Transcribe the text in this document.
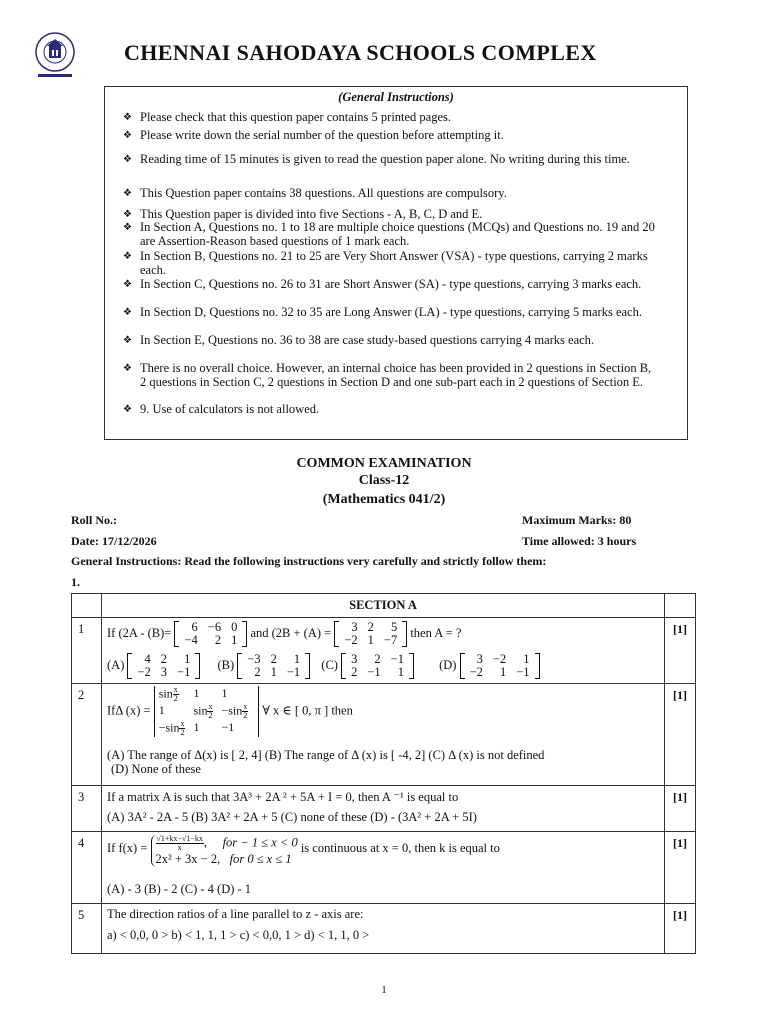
CHENNAI SAHODAYA SCHOOLS COMPLEX
(General Instructions)
❖ Please check that this question paper contains 5 printed pages.
❖ Please write down the serial number of the question before attempting it.
❖ Reading time of 15 minutes is given to read the question paper alone. No writing during this time.
❖ This Question paper contains 38 questions. All questions are compulsory.
❖ This Question paper is divided into five Sections - A, B, C, D and E.
❖ In Section A, Questions no. 1 to 18 are multiple choice questions (MCQs) and Questions no. 19 and 20 are Assertion-Reason based questions of 1 mark each.
❖ In Section B, Questions no. 21 to 25 are Very Short Answer (VSA) - type questions, carrying 2 marks each.
❖ In Section C, Questions no. 26 to 31 are Short Answer (SA) - type questions, carrying 3 marks each.
❖ In Section D, Questions no. 32 to 35 are Long Answer (LA) - type questions, carrying 5 marks each.
❖ In Section E, Questions no. 36 to 38 are case study-based questions carrying 4 marks each.
❖ There is no overall choice. However, an internal choice has been provided in 2 questions in Section B, 2 questions in Section C, 2 questions in Section D and one sub-part each in 2 questions of Section E.
❖ 9. Use of calculators is not allowed.
COMMON EXAMINATION
Class-12
(Mathematics 041/2)
Roll No.:	Maximum Marks: 80
Date: 17/12/2026	Time allowed: 3 hours
General Instructions: Read the following instructions very carefully and strictly follow them:
1.
	SECTION A	
1	If (2A - (B)= 6	−6	0
−4	2	1
and (2B + (A) = 3	2	5
−2	1	−7
then A = ?
(A) 4	2	1
−2	3	−1
(B) −3	2	1
2	1	−1
(C) 3	2	−1
2	−1	1
(D) 3	−2	1
−2	1	−1
	[1]
2	
IfΔ (x) =
$\sin \frac{x}{2}$	1	1
1	$\sin \frac{x}{2}$	$-\sin \frac{x}{2}$

$-\sin \frac{x}{2}$	1	−1
∀ x ∈ [ 0, π ] then
(A) The range of Δ(x) is [ 2, 4] (B) The range of Δ (x) is [ -4, 2] (C) Δ (x) is not defined
(D) None of these
	[1]
3	If a matrix A is such that 3A³ + 2A ² + 5A + I = 0, then A ⁻¹ is equal to
(A) 3A² - 2A - 5 (B) 3A² + 2A + 5 (C) none of these (D) - (3A² + 2A + 5I)
	[1]
4	If $f(x) = \frac{√1+kx-√1-kx}{x}$ ,     for − 1 ≤ x < 0
2x² + 3x − 2, for 0 ≤ x ≤ 1
is continuous at x = 0, then k is equal to
(A) - 3 (B) - 2 (C) - 4 (D) - 1
	[1]
5	The direction ratios of a line parallel to z - axis are:
a) < 0,0, 0 > b) < 1, 1, 1 > c) < 0,0, 1 > d) < 1, 1, 0 >
	[1]
1
